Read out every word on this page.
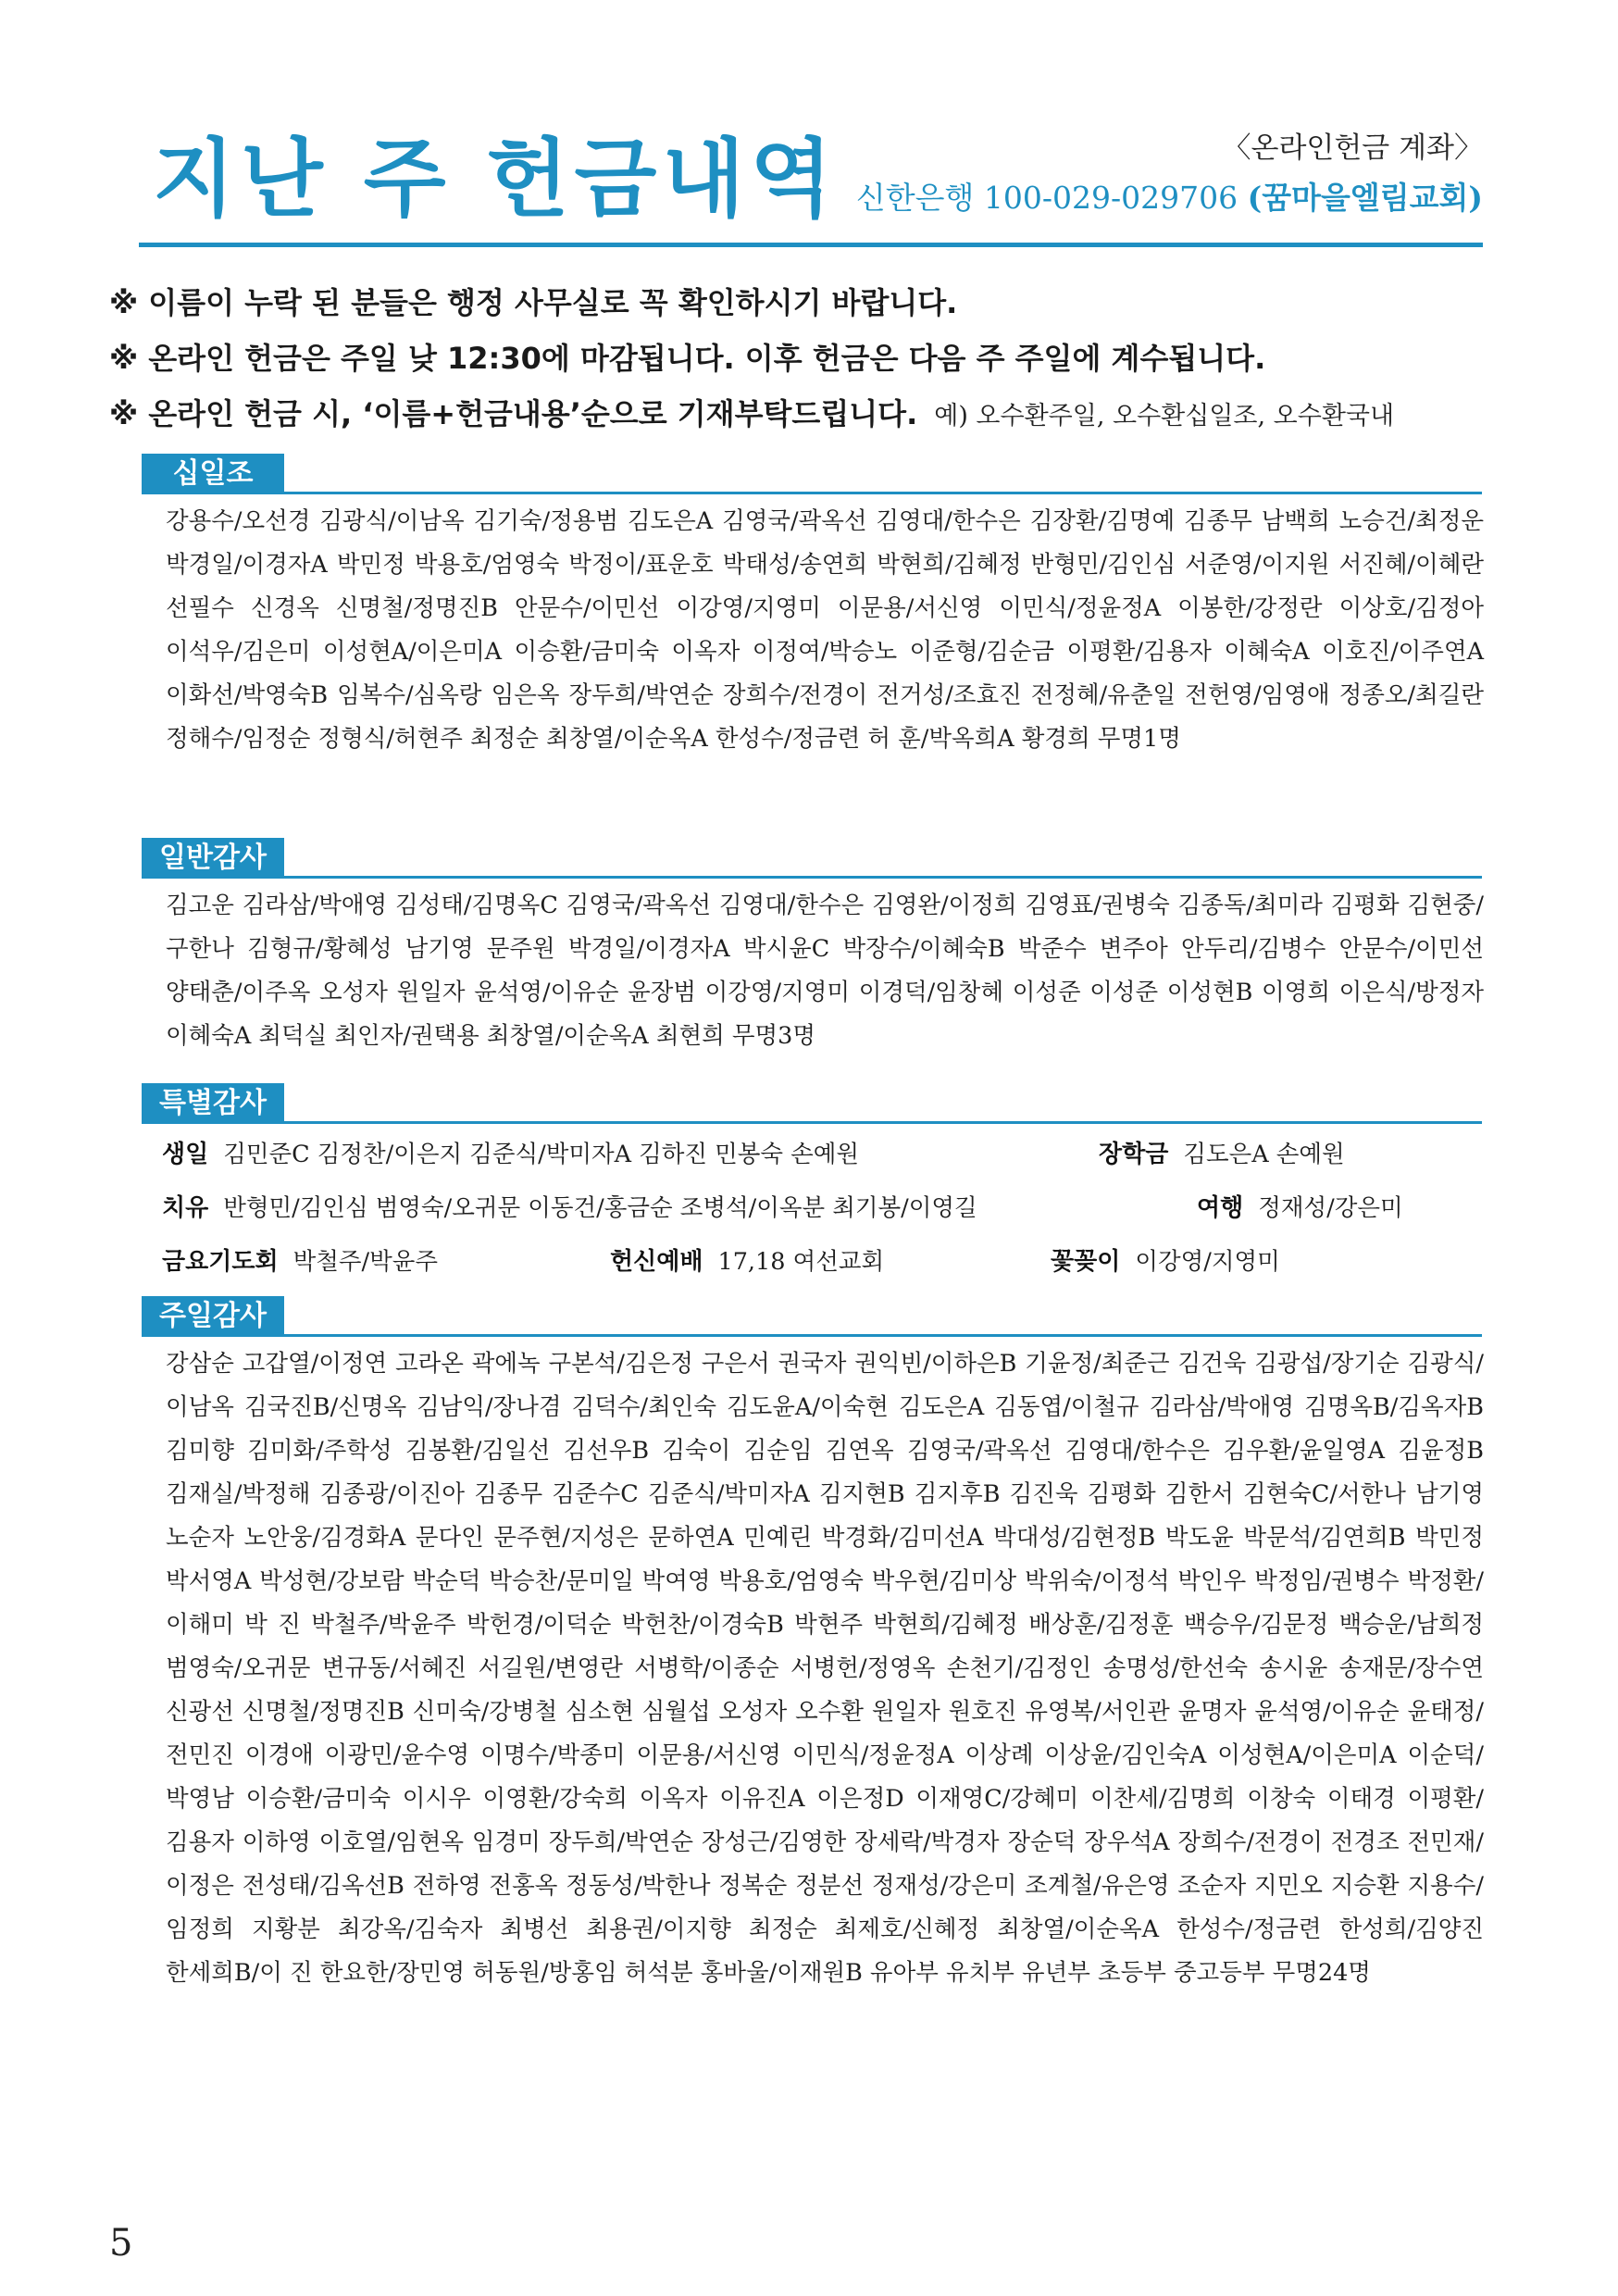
지난 주 헌금내역	〈온라인헌금 계좌〉
신한은행 100-029-029706 (꿈마을엘림교회)
※ 이름이 누락 된 분들은 행정 사무실로 꼭 확인하시기 바랍니다.
※ 온라인 헌금은 주일 낮 12:30에 마감됩니다. 이후 헌금은 다음 주 주일에 계수됩니다.
※ 온라인 헌금 시, ‘이름+헌금내용’순으로 기재부탁드립니다. 예) 오수환주일, 오수환십일조, 오수환국내
십일조
강용수/오선경 김광식/이남옥 김기숙/정용범 김도은A 김영국/곽옥선 김영대/한수은 김장환/김명예 김종무 남백희 노승건/최정운 박경일/이경자A 박민정 박용호/엄영숙 박정이/표운호 박태성/송연희 박현희/김혜정 반형민/김인심 서준영/이지원 서진혜/이혜란 선필수 신경옥 신명철/정명진B 안문수/이민선 이강영/지영미 이문용/서신영 이민식/정윤정A 이봉한/강정란 이상호/김정아 이석우/김은미 이성현A/이은미A 이승환/금미숙 이옥자 이정여/박승노 이준형/김순금 이평환/김용자 이혜숙A 이호진/이주연A 이화선/박영숙B 임복수/심옥랑 임은옥 장두희/박연순 장희수/전경이 전거성/조효진 전정혜/유춘일 전헌영/임영애 정종오/최길란 정해수/임정순 정형식/허현주 최정순 최창열/이순옥A 한성수/정금련 허 훈/박옥희A 황경희 무명1명
일반감사
김고운 김라삼/박애영 김성태/김명옥C 김영국/곽옥선 김영대/한수은 김영완/이정희 김영표/권병숙 김종독/최미라 김평화 김현중/구한나 김형규/황혜성 남기영 문주원 박경일/이경자A 박시윤C 박장수/이혜숙B 박준수 변주아 안두리/김병수 안문수/이민선 양태춘/이주옥 오성자 원일자 윤석영/이유순 윤장범 이강영/지영미 이경덕/임창혜 이성준 이성준 이성현B 이영희 이은식/방정자 이혜숙A 최덕실 최인자/권택용 최창열/이순옥A 최현희 무명3명
특별감사
생일 김민준C 김정찬/이은지 김준식/박미자A 김하진 민봉숙 손예원	장학금 김도은A 손예원
치유 반형민/김인심 범영숙/오귀문 이동건/홍금순 조병석/이옥분 최기봉/이영길	여행 정재성/강은미
금요기도회 박철주/박윤주	헌신예배 17,18 여선교회	꽃꽂이 이강영/지영미
주일감사
강삼순 고갑열/이정연 고라온 곽에녹 구본석/김은정 구은서 권국자 권익빈/이하은B 기윤정/최준근 김건욱 김광섭/장기순 김광식/이남옥 김국진B/신명옥 김남익/장나겸 김덕수/최인숙 김도윤A/이숙현 김도은A 김동엽/이철규 김라삼/박애영 김명옥B/김옥자B 김미향 김미화/주학성 김봉환/김일선 김선우B 김숙이 김순임 김연옥 김영국/곽옥선 김영대/한수은 김우환/윤일영A 김윤정B 김재실/박정해 김종광/이진아 김종무 김준수C 김준식/박미자A 김지현B 김지후B 김진욱 김평화 김한서 김현숙C/서한나 남기영 노순자 노안웅/김경화A 문다인 문주현/지성은 문하연A 민예린 박경화/김미선A 박대성/김현정B 박도윤 박문석/김연희B 박민정 박서영A 박성현/강보람 박순덕 박승찬/문미일 박여영 박용호/엄영숙 박우현/김미상 박위숙/이정석 박인우 박정임/권병수 박정환/이해미 박 진 박철주/박윤주 박헌경/이덕순 박헌찬/이경숙B 박현주 박현희/김혜정 배상훈/김정훈 백승우/김문정 백승운/남희정 범영숙/오귀문 변규동/서혜진 서길원/변영란 서병학/이종순 서병헌/정영옥 손천기/김정인 송명성/한선숙 송시윤 송재문/장수연 신광선 신명철/정명진B 신미숙/강병철 심소현 심월섭 오성자 오수환 원일자 원호진 유영복/서인관 윤명자 윤석영/이유순 윤태정/전민진 이경애 이광민/윤수영 이명수/박종미 이문용/서신영 이민식/정윤정A 이상례 이상윤/김인숙A 이성현A/이은미A 이순덕/박영남 이승환/금미숙 이시우 이영환/강숙희 이옥자 이유진A 이은정D 이재영C/강혜미 이찬세/김명희 이창숙 이태경 이평환/김용자 이하영 이호열/임현옥 임경미 장두희/박연순 장성근/김영한 장세락/박경자 장순덕 장우석A 장희수/전경이 전경조 전민재/이정은 전성태/김옥선B 전하영 전홍옥 정동성/박한나 정복순 정분선 정재성/강은미 조계철/유은영 조순자 지민오 지승환 지용수/임정희 지황분 최강옥/김숙자 최병선 최용권/이지향 최정순 최제호/신혜정 최창열/이순옥A 한성수/정금련 한성희/김양진 한세희B/이 진 한요한/장민영 허동원/방홍임 허석분 홍바울/이재원B 유아부 유치부 유년부 초등부 중고등부 무명24명
5
